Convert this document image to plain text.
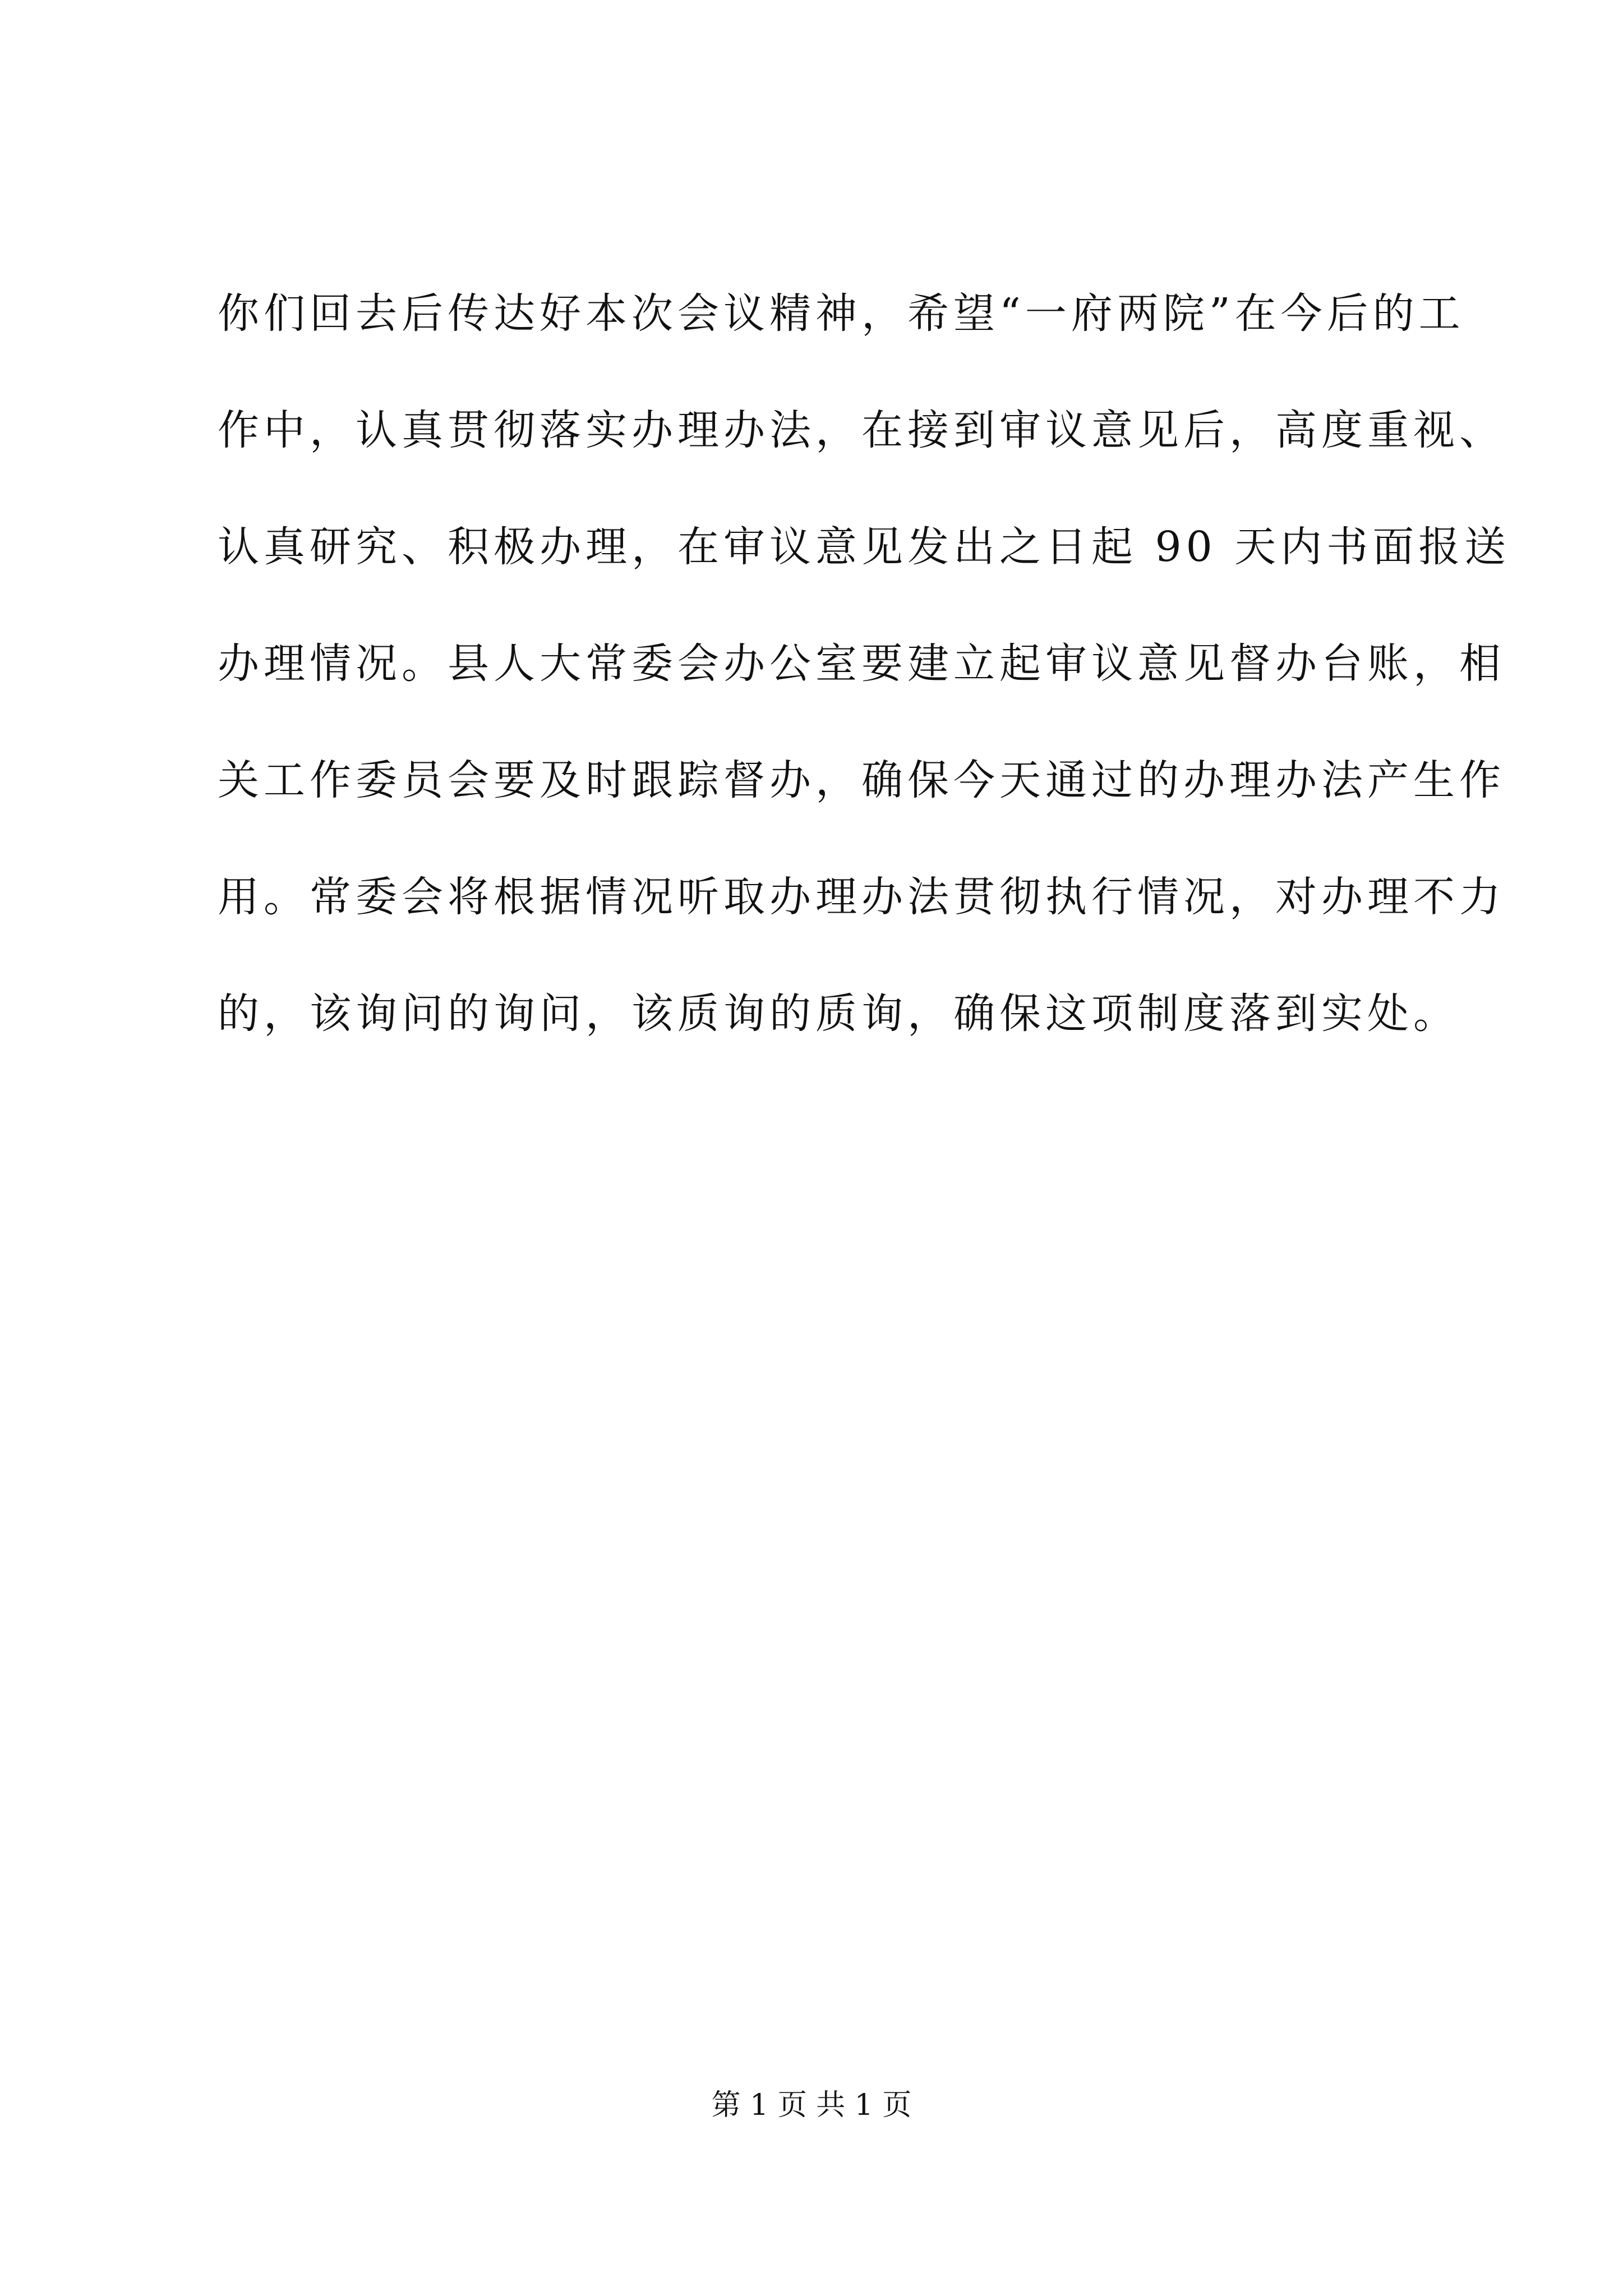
你们回去后传达好本次会议精神，希望“一府两院”在今后的工
作中，认真贯彻落实办理办法，在接到审议意见后，高度重视、
认真研究、积极办理，在审议意见发出之日起 90 天内书面报送
办理情况。县人大常委会办公室要建立起审议意见督办台账，相
关工作委员会要及时跟踪督办，确保今天通过的办理办法产生作
用。常委会将根据情况听取办理办法贯彻执行情况，对办理不力
的，该询问的询问，该质询的质询，确保这项制度落到实处。
第 1 页 共 1 页
